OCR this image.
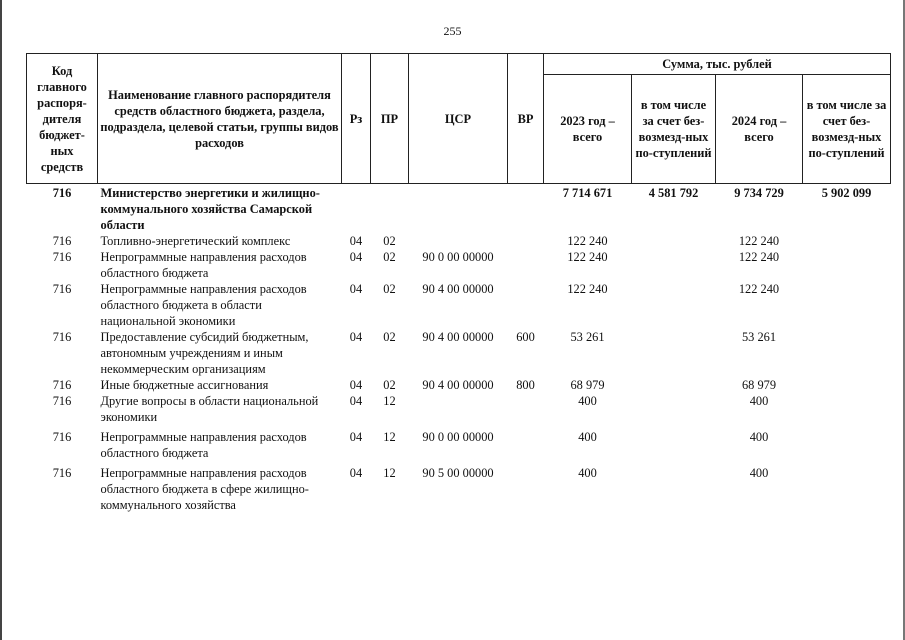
255
Код главного распоря-дителя бюджет-ных средств	Наименование главного распорядителя средств областного бюджета, раздела, подраздела, целевой статьи, группы видов расходов	Рз	ПР	ЦСР	ВР	Сумма, тыс. рублей			
						2023 год – всего	в том числе за счет без-возмезд-ных по-ступлений	2024 год – всего	в том числе за счет без-возмезд-ных по-ступлений
716	Министерство энергетики и жилищно-коммунального хозяйства Самарской области					7 714 671	4 581 792	9 734 729	5 902 099
716	Топливно-энергетический комплекс	04	02			122 240		122 240	
716	Непрограммные направления расходов областного бюджета	04	02	90 0 00 00000		122 240		122 240	
716	Непрограммные направления расходов областного бюджета в области национальной экономики	04	02	90 4 00 00000		122 240		122 240	
716	Предоставление субсидий бюджетным, автономным учреждениям и иным некоммерческим организациям	04	02	90 4 00 00000	600	53 261		53 261	
716	Иные бюджетные ассигнования	04	02	90 4 00 00000	800	68 979		68 979	
716	Другие вопросы в области национальной экономики	04	12			400		400	
716	Непрограммные направления расходов областного бюджета	04	12	90 0 00 00000		400		400	
716	Непрограммные направления расходов областного бюджета в сфере жилищно-коммунального хозяйства	04	12	90 5 00 00000		400		400	
